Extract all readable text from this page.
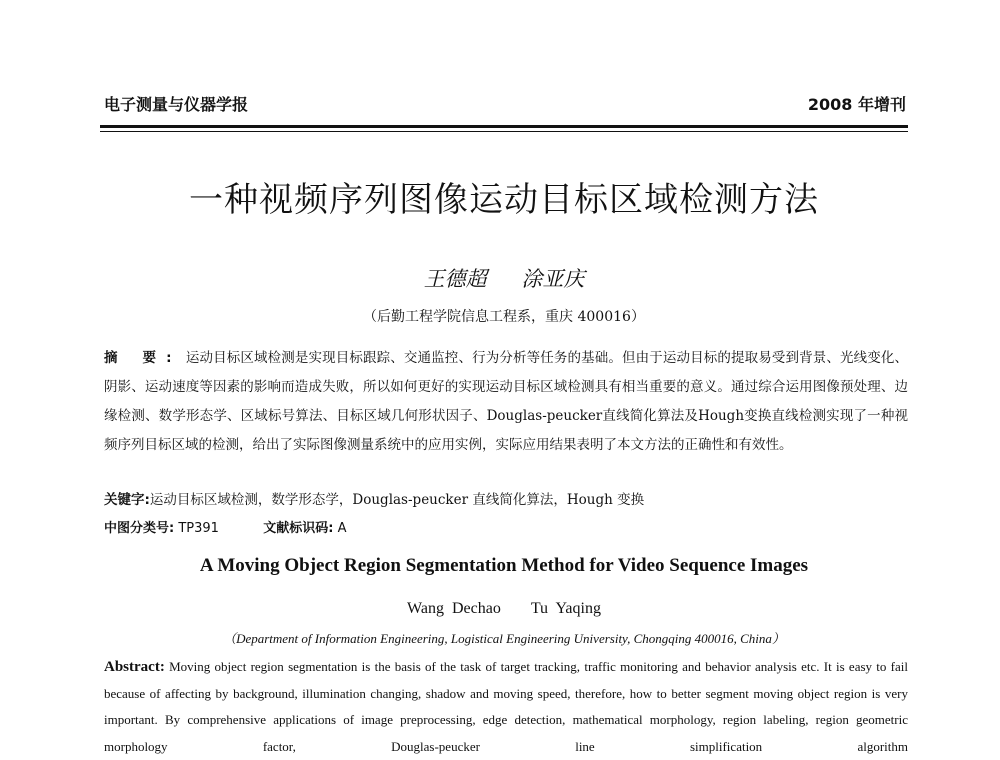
电子测量与仪器学报	2008 年增刊
一种视频序列图像运动目标区域检测方法
王德超 涂亚庆
（后勤工程学院信息工程系，重庆 400016）
摘 要: 运动目标区域检测是实现目标跟踪、交通监控、行为分析等任务的基础。但由于运动目标的提取易受到背景、光线变化、阴影、运动速度等因素的影响而造成失败，所以如何更好的实现运动目标区域检测具有相当重要的意义。通过综合运用图像预处理、边缘检测、数学形态学、区域标号算法、目标区域几何形状因子、Douglas-peucker直线简化算法及Hough变换直线检测实现了一种视频序列目标区域的检测，给出了实际图像测量系统中的应用实例，实际应用结果表明了本文方法的正确性和有效性。
关键字:运动目标区域检测，数学形态学，Douglas-peucker 直线简化算法，Hough 变换
中图分类号: TP391	文献标识码: A
A Moving Object Region Segmentation Method for Video Sequence Images
Wang Dechao Tu Yaqing
（Department of Information Engineering, Logistical Engineering University, Chongqing 400016, China）
Abstract: Moving object region segmentation is the basis of the task of target tracking, traffic monitoring and behavior analysis etc. It is easy to fail because of affecting by background, illumination changing, shadow and moving speed, therefore, how to better segment moving object region is very important. By comprehensive applications of image preprocessing, edge detection, mathematical morphology, region labeling, region geometric morphology factor, Douglas-peucker line simplification algorithm
